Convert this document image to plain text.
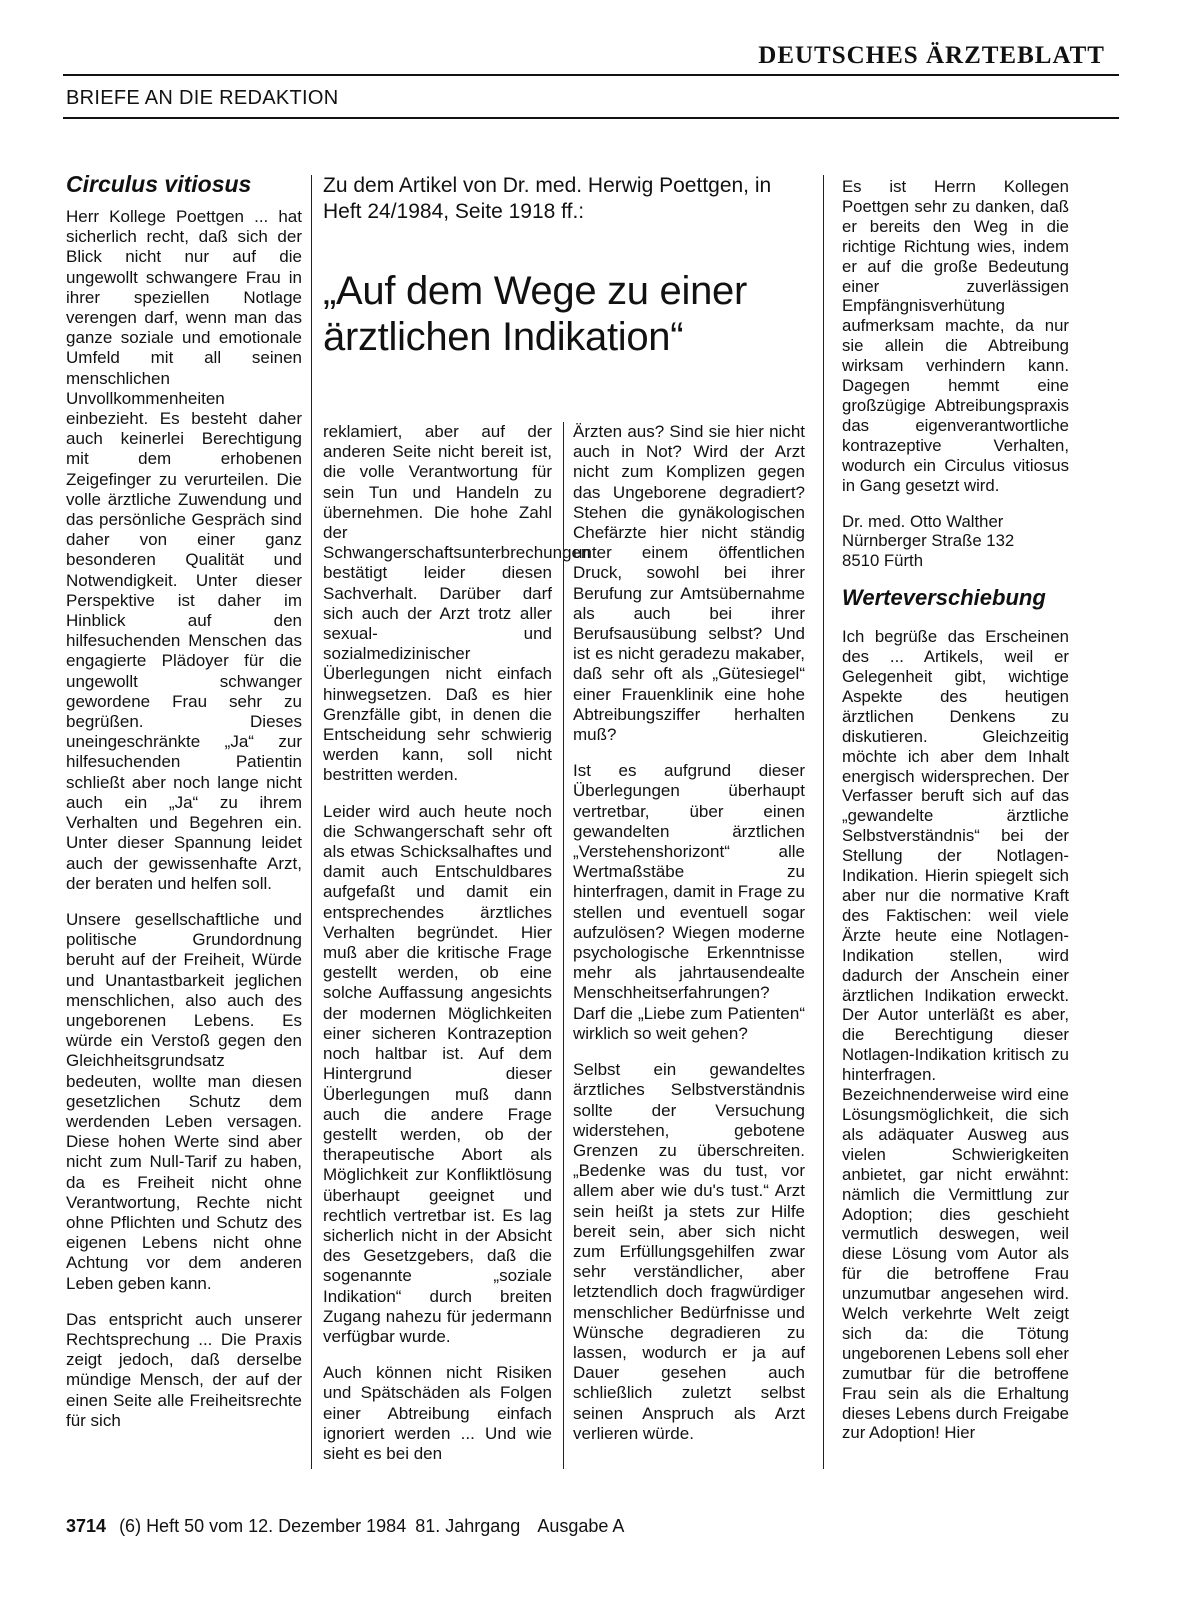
DEUTSCHES ÄRZTEBLATT
BRIEFE AN DIE REDAKTION
Circulus vitiosus

Herr Kollege Poettgen ... hat sicherlich recht, daß sich der Blick nicht nur auf die ungewollt schwangere Frau in ihrer speziellen Notlage verengen darf, wenn man das ganze soziale und emotionale Umfeld mit all seinen menschlichen Unvollkommenheiten einbezieht. Es besteht daher auch keinerlei Berechtigung mit dem erhobenen Zeigefinger zu verurteilen. Die volle ärztliche Zuwendung und das persönliche Gespräch sind daher von einer ganz besonderen Qualität und Notwendigkeit. Unter dieser Perspektive ist daher im Hinblick auf den hilfesuchenden Menschen das engagierte Plädoyer für die ungewollt schwanger gewordene Frau sehr zu begrüßen. Dieses uneingeschränkte „Ja“ zur hilfesuchenden Patientin schließt aber noch lange nicht auch ein „Ja“ zu ihrem Verhalten und Begehren ein. Unter dieser Spannung leidet auch der gewissenhafte Arzt, der beraten und helfen soll.

Unsere gesellschaftliche und politische Grundordnung beruht auf der Freiheit, Würde und Unantastbarkeit jeglichen menschlichen, also auch des ungeborenen Lebens. Es würde ein Verstoß gegen den Gleichheitsgrundsatz bedeuten, wollte man diesen gesetzlichen Schutz dem werdenden Leben versagen. Diese hohen Werte sind aber nicht zum Null-Tarif zu haben, da es Freiheit nicht ohne Verantwortung, Rechte nicht ohne Pflichten und Schutz des eigenen Lebens nicht ohne Achtung vor dem anderen Leben geben kann.

Das entspricht auch unserer Rechtsprechung ... Die Praxis zeigt jedoch, daß derselbe mündige Mensch, der auf der einen Seite alle Freiheitsrechte für sich

Zu dem Artikel von Dr. med. Herwig Poettgen, in Heft 24/1984, Seite 1918 ff.:
„Auf dem Wege zu einer ärztlichen Indikation“

reklamiert, aber auf der anderen Seite nicht bereit ist, die volle Verantwortung für sein Tun und Handeln zu übernehmen. Die hohe Zahl der Schwangerschaftsunterbrechungen bestätigt leider diesen Sachverhalt. Darüber darf sich auch der Arzt trotz aller sexual- und sozialmedizinischer Überlegungen nicht einfach hinwegsetzen. Daß es hier Grenzfälle gibt, in denen die Entscheidung sehr schwierig werden kann, soll nicht bestritten werden.

Leider wird auch heute noch die Schwangerschaft sehr oft als etwas Schicksalhaftes und damit auch Entschuldbares aufgefaßt und damit ein entsprechendes ärztliches Verhalten begründet. Hier muß aber die kritische Frage gestellt werden, ob eine solche Auffassung angesichts der modernen Möglichkeiten einer sicheren Kontrazeption noch haltbar ist. Auf dem Hintergrund dieser Überlegungen muß dann auch die andere Frage gestellt werden, ob der therapeutische Abort als Möglichkeit zur Konfliktlösung überhaupt geeignet und rechtlich vertretbar ist. Es lag sicherlich nicht in der Absicht des Gesetzgebers, daß die sogenannte „soziale Indikation“ durch breiten Zugang nahezu für jedermann verfügbar wurde.

Auch können nicht Risiken und Spätschäden als Folgen einer Abtreibung einfach ignoriert werden ... Und wie sieht es bei den

Ärzten aus? Sind sie hier nicht auch in Not? Wird der Arzt nicht zum Komplizen gegen das Ungeborene degradiert? Stehen die gynäkologischen Chefärzte hier nicht ständig unter einem öffentlichen Druck, sowohl bei ihrer Berufung zur Amtsübernahme als auch bei ihrer Berufsausübung selbst? Und ist es nicht geradezu makaber, daß sehr oft als „Gütesiegel“ einer Frauenklinik eine hohe Abtreibungsziffer herhalten muß?

Ist es aufgrund dieser Überlegungen überhaupt vertretbar, über einen gewandelten ärztlichen „Verstehenshorizont“ alle Wertmaßstäbe zu hinterfragen, damit in Frage zu stellen und eventuell sogar aufzulösen? Wiegen moderne psychologische Erkenntnisse mehr als jahrtausendealte Menschheitserfahrungen? Darf die „Liebe zum Patienten“ wirklich so weit gehen?

Selbst ein gewandeltes ärztliches Selbstverständnis sollte der Versuchung widerstehen, gebotene Grenzen zu überschreiten. „Bedenke was du tust, vor allem aber wie du's tust.“ Arzt sein heißt ja stets zur Hilfe bereit sein, aber sich nicht zum Erfüllungsgehilfen zwar sehr verständlicher, aber letztendlich doch fragwürdiger menschlicher Bedürfnisse und Wünsche degradieren zu lassen, wodurch er ja auf Dauer gesehen auch schließlich zuletzt selbst seinen Anspruch als Arzt verlieren würde.

Es ist Herrn Kollegen Poettgen sehr zu danken, daß er bereits den Weg in die richtige Richtung wies, indem er auf die große Bedeutung einer zuverlässigen Empfängnisverhütung aufmerksam machte, da nur sie allein die Abtreibung wirksam verhindern kann. Dagegen hemmt eine großzügige Abtreibungspraxis das eigenverantwortliche kontrazeptive Verhalten, wodurch ein Circulus vitiosus in Gang gesetzt wird.

Dr. med. Otto Walther
Nürnberger Straße 132
8510 Fürth
Werteverschiebung

Ich begrüße das Erscheinen des ... Artikels, weil er Gelegenheit gibt, wichtige Aspekte des heutigen ärztlichen Denkens zu diskutieren. Gleichzeitig möchte ich aber dem Inhalt energisch widersprechen. Der Verfasser beruft sich auf das „gewandelte ärztliche Selbstverständnis“ bei der Stellung der Notlagen-Indikation. Hierin spiegelt sich aber nur die normative Kraft des Faktischen: weil viele Ärzte heute eine Notlagen-Indikation stellen, wird dadurch der Anschein einer ärztlichen Indikation erweckt. Der Autor unterläßt es aber, die Berechtigung dieser Notlagen-Indikation kritisch zu hinterfragen. Bezeichnenderweise wird eine Lösungsmöglichkeit, die sich als adäquater Ausweg aus vielen Schwierigkeiten anbietet, gar nicht erwähnt: nämlich die Vermittlung zur Adoption; dies geschieht vermutlich deswegen, weil diese Lösung vom Autor als für die betroffene Frau unzumutbar angesehen wird. Welch verkehrte Welt zeigt sich da: die Tötung ungeborenen Lebens soll eher zumutbar für die betroffene Frau sein als die Erhaltung dieses Lebens durch Freigabe zur Adoption! Hier

3714 (6) Heft 50 vom 12. Dezember 1984 81. Jahrgang Ausgabe A
